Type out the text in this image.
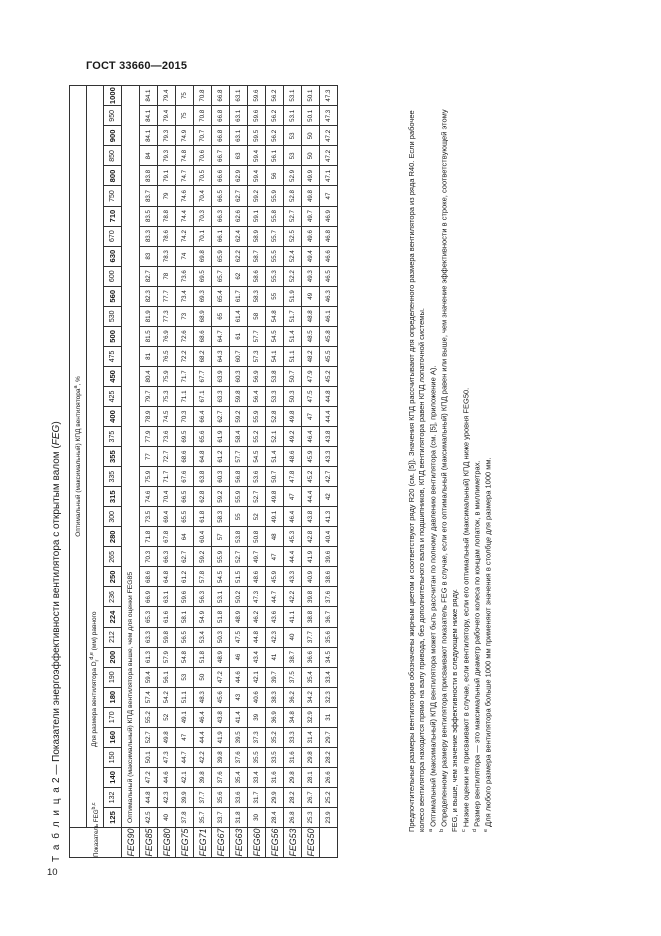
ГОСТ 33660—2015
Т а б л и ц а 2 — Показатели энергоэффективности вентилятора с открытым валом (FEG)
Показатель FEG$^{b,c}$	Оптимальный (максимальный) КПД вентилятора$^a$, %																																				
	Для размера вентилятора $D_r^{d,e}$ (мм) равного																																				
	125	132	140	150	160	170	180	190	200	212	224	236	250	265	280	300	315	335	355	375	400	425	450	475	500	530	560	600	630	670	710	750	800	850	900	950	1000
FEG90	Оптимальный (максимальный) КПД вентилятора выше, чем для оценки FEG85																																				
FEG85	42.5	44.8	47.2	50.1	52.7	55.2	57.4	59.4	61.3	63.3	65.3	66.9	68.6	70.3	71.8	73.5	74.6	75.9	77	77.9	78.9	79.7	80.4	81	81.5	81.9	82.3	82.7	83	83.3	83.5	83.7	83.8	84	84.1	84.1	84.1
FEG80	40	42.3	44.6	47.3	49.8	52	54.2	56.1	57.9	59.8	61.6	63.1	64.8	66.3	67.8	69.4	70.4	71.7	72.7	73.6	74.5	75.3	75.9	76.5	76.9	77.3	77.7	78	78.3	78.6	78.8	79	79.1	79.3	79.3	79.4	79.4
FEG75	37.8	39.9	42.1	44.7	47	49.1	51.1	53	54.8	56.5	58.1	59.6	61.2	62.7	64	65.5	66.5	67.6	68.6	69.5	70.3	71.1	71.7	72.2	72.6	73	73.4	73.6	74	74.2	74.4	74.6	74.7	74.8	74.9	75	75
FEG71	35.7	37.7	39.8	42.2	44.4	46.4	48.3	50	51.8	53.4	54.9	56.3	57.8	59.2	60.4	61.8	62.8	63.8	64.8	65.6	66.4	67.1	67.7	68.2	68.6	68.9	69.3	69.5	69.8	70.1	70.3	70.4	70.5	70.6	70.7	70.8	70.8
FEG67	33.7	35.6	37.6	39.8	41.9	43.8	45.6	47.2	48.9	50.3	51.8	53.1	54.5	55.9	57	58.3	59.2	60.3	61.2	61.9	62.7	63.3	63.9	64.3	64.7	65	65.4	65.7	65.9	66.1	66.3	66.5	66.6	66.7	66.8	66.8	66.8
FEG63	31.8	33.6	35.4	37.6	39.5	41.4	43	44.6	46	47.5	48.9	50.2	51.5	52.7	53.8	55	55.9	56.8	57.7	58.4	59.2	59.8	60.3	60.7	61	61.4	61.7	62	62.2	62.4	62.6	62.7	62.9	63	63.1	63.1	63.1
FEG60	30	31.7	33.4	35.5	37.3	39	40.6	42.1	43.4	44.8	46.2	47.3	48.6	49.7	50.8	52	52.7	53.6	54.5	55.2	55.9	56.4	56.9	57.3	57.7	58	58.3	58.6	58.7	58.9	59.1	59.2	59.4	59.4	59.5	59.6	59.6
FEG56	28.4	29.9	31.6	33.5	35.2	36.9	38.3	39.7	41	42.3	43.6	44.7	45.9	47	48	49.1	49.8	50.7	51.4	52.1	52.8	53.3	53.8	54.1	54.5	54.8	55	55.3	55.5	55.7	55.8	55.9	56	56.1	56.2	56.2	56.2
FEG53	26.8	28.2	29.8	31.6	33.3	34.8	36.2	37.5	38.7	40	41.1	42.2	43.3	44.4	45.3	46.4	47	47.8	48.6	49.2	49.8	50.3	50.7	51.1	51.4	51.7	51.9	52.2	52.4	52.5	52.7	52.8	52.9	53	53	53.1	53.1
FEG50	25.3	26.7	28.1	29.8	31.4	32.9	34.2	35.4	36.6	37.7	38.8	39.8	40.9	41.9	42.8	43.8	44.4	45.2	45.9	46.4	47	47.5	47.9	48.2	48.5	48.8	49	49.3	49.4	49.6	49.7	49.8	49.9	50	50	50.1	50.1
	23.9	25.2	26.6	28.2	29.7	31	32.3	33.4	34.5	35.6	36.7	37.6	38.6	39.6	40.4	41.3	42	42.7	43.3	43.8	44.4	44.8	45.2	45.5	45.8	46.1	46.3	46.5	46.6	46.8	46.9	47	47.1	47.2	47.2	47.3	47.3

Предпочтительные размеры вентиляторов обозначены жирным цветом и соответствуют ряду R20 (см. [5]). Значения КПД рассчитывают для определенного размера вентилятора из ряда R40. Если рабочее колесо вентилятора находится прямо на валу привода, без дополнительного вала и подшипников, КПД вентилятора равен КПД лопаточной системы. $^a$ Оптимальный (максимальный) КПД вентилятора может быть рассчитан по полному давлению вентилятора (см. [5], приложение А).

$^b$ Определенному размеру вентилятора присваивают показатель FEG в случае, если его оптимальный (максимальный) КПД равен или выше, чем значение эффективности в строке, соответствующей этому FEG, и выше, чем значение эффективности в следующем ниже ряду. $^c$ Низкие оценки не присваивают в случае, если вентилятору, если его оптимальный (максимальный) КПД ниже уровня FEG50.

$^d$ Размер вентилятора — это максимальный диаметр рабочего колеса по концам лопаток, в миллиметрах.

$^e$ Для любого размера вентилятора больше 1000 мм применяют значения в столбце для размера 1000 мм.

10
